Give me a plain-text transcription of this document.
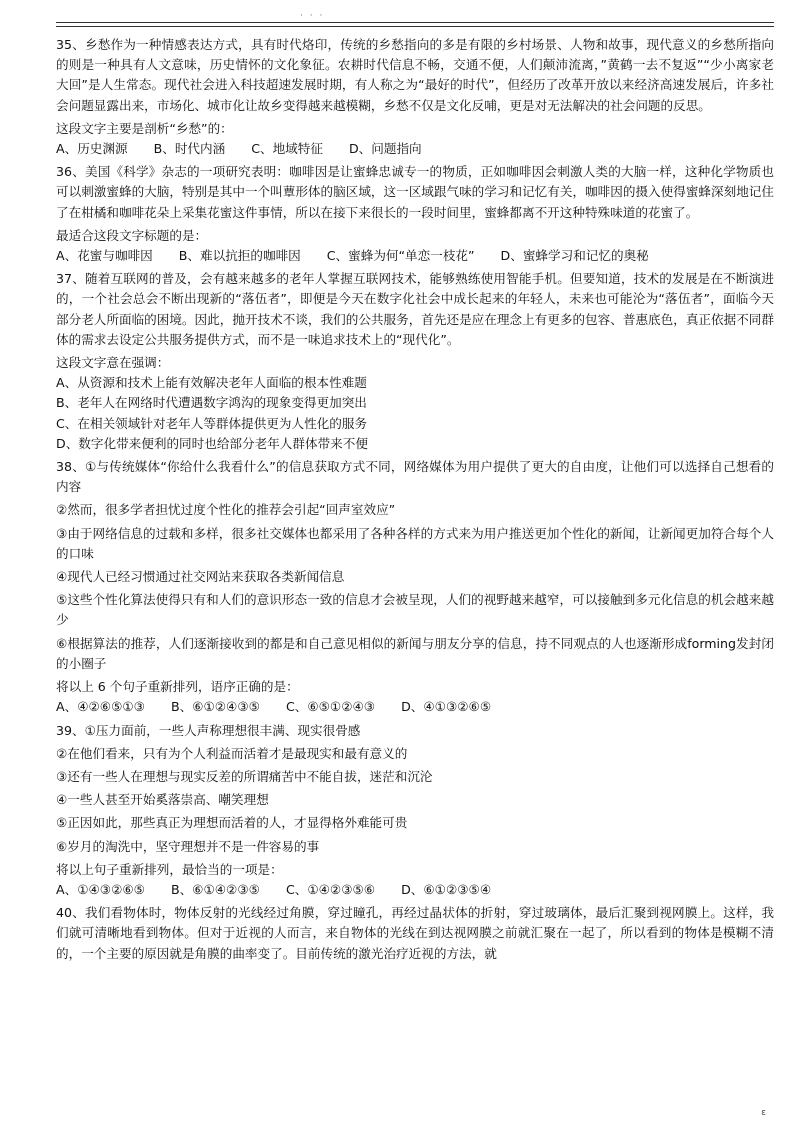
· · ·

35、乡愁作为一种情感表达方式，具有时代烙印，传统的乡愁指向的多是有限的乡村场景、人物和故事，现代意义的乡愁所指向的则是一种具有人文意味，历史情怀的文化象征。农耕时代信息不畅，交通不便，人们颠沛流离，”黄鹤一去不复返”“少小离家老大回”是人生常态。现代社会进入科技超速发展时期，有人称之为“最好的时代”，但经历了改革开放以来经济高速发展后，许多社会问题显露出来，市场化、城市化让故乡变得越来越模糊，乡愁不仅是文化反哺，更是对无法解决的社会问题的反思。

这段文字主要是剖析“乡愁”的：

A、历史渊源 B、时代内涵 C、地域特征 D、问题指向

36、美国《科学》杂志的一项研究表明：咖啡因是让蜜蜂忠诚专一的物质，正如咖啡因会刺激人类的大脑一样，这种化学物质也可以刺激蜜蜂的大脑，特别是其中一个叫蕈形体的脑区域，这一区域跟气味的学习和记忆有关，咖啡因的摄入使得蜜蜂深刻地记住了在柑橘和咖啡花朵上采集花蜜这件事情，所以在接下来很长的一段时间里，蜜蜂都离不开这种特殊味道的花蜜了。

最适合这段文字标题的是：

A、花蜜与咖啡因 B、难以抗拒的咖啡因 C、蜜蜂为何“单恋一枝花” D、蜜蜂学习和记忆的奥秘

37、随着互联网的普及，会有越来越多的老年人掌握互联网技术，能够熟练使用智能手机。但要知道，技术的发展是在不断演进的，一个社会总会不断出现新的“落伍者”，即便是今天在数字化社会中成长起来的年轻人，未来也可能沦为“落伍者”，面临今天部分老人所面临的困境。因此，抛开技术不谈，我们的公共服务，首先还是应在理念上有更多的包容、普惠底色，真正依据不同群体的需求去设定公共服务提供方式，而不是一味追求技术上的“现代化”。

这段文字意在强调：

A、从资源和技术上能有效解决老年人面临的根本性难题

B、老年人在网络时代遭遇数字鸿沟的现象变得更加突出

C、在相关领域针对老年人等群体提供更为人性化的服务

D、数字化带来便利的同时也给部分老年人群体带来不便

38、①与传统媒体“你给什么我看什么”的信息获取方式不同，网络媒体为用户提供了更大的自由度，让他们可以选择自己想看的内容

②然而，很多学者担忧过度个性化的推荐会引起“回声室效应”

③由于网络信息的过载和多样，很多社交媒体也都采用了各种各样的方式来为用户推送更加个性化的新闻，让新闻更加符合每个人的口味

④现代人已经习惯通过社交网站来获取各类新闻信息

⑤这些个性化算法使得只有和人们的意识形态一致的信息才会被呈现，人们的视野越来越窄，可以接触到多元化信息的机会越来越少

⑥根据算法的推荐，人们逐渐接收到的都是和自己意见相似的新闻与朋友分享的信息，持不同观点的人也逐渐形成forming发封闭的小圈子

将以上 6 个句子重新排列，语序正确的是：

A、④②⑥⑤①③ B、⑥①②④③⑤ C、⑥⑤①②④③ D、④①③②⑥⑤

39、①压力面前，一些人声称理想很丰满、现实很骨感

②在他们看来，只有为个人利益而活着才是最现实和最有意义的

③还有一些人在理想与现实反差的所谓痛苦中不能自拔，迷茫和沉沦

④一些人甚至开始奚落崇高、嘲笑理想

⑤正因如此，那些真正为理想而活着的人，才显得格外难能可贵

⑥岁月的淘洗中，坚守理想并不是一件容易的事

将以上句子重新排列，最恰当的一项是：

A、①④③②⑥⑤ B、⑥①④②③⑤ C、①④②③⑤⑥ D、⑥①②③⑤④

40、我们看物体时，物体反射的光线经过角膜，穿过瞳孔，再经过晶状体的折射，穿过玻璃体，最后汇聚到视网膜上。这样，我们就可清晰地看到物体。但对于近视的人而言，来自物体的光线在到达视网膜之前就汇聚在一起了，所以看到的物体是模糊不清的，一个主要的原因就是角膜的曲率变了。目前传统的激光治疗近视的方法，就

ε
